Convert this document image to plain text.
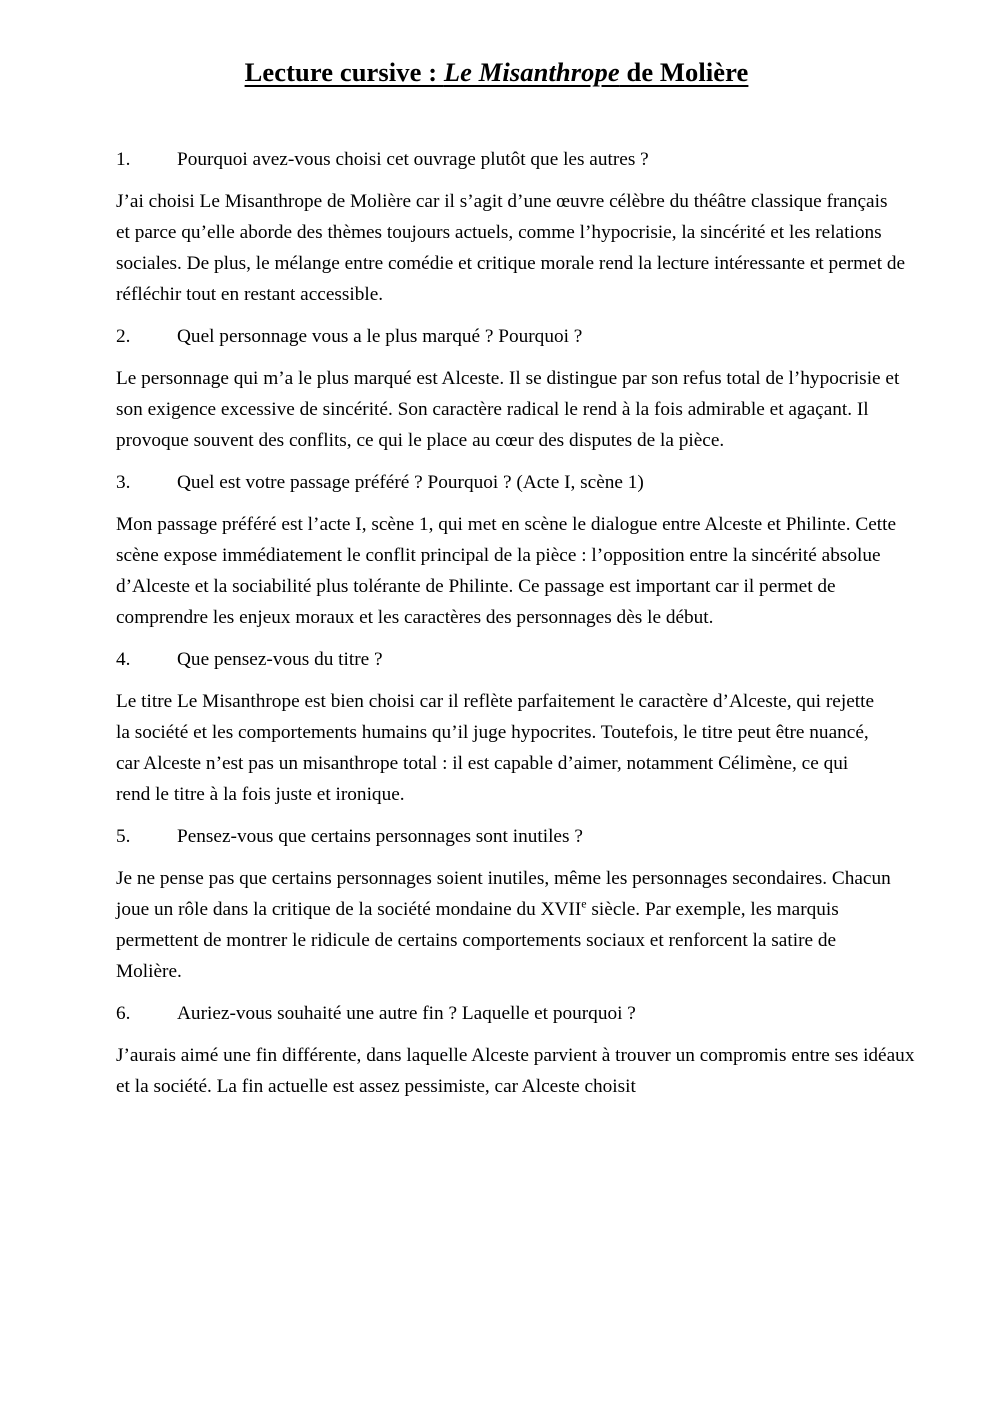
Lecture cursive : Le Misanthrope de Molière

1.	Pourquoi avez-vous choisi cet ouvrage plutôt que les autres ?

J’ai choisi Le Misanthrope de Molière car il s’agit d’une œuvre célèbre du théâtre classique français et parce qu’elle aborde des thèmes toujours actuels, comme l’hypocrisie, la sincérité et les relations sociales. De plus, le mélange entre comédie et critique morale rend la lecture intéressante et permet de réfléchir tout en restant accessible.

2.	Quel personnage vous a le plus marqué ? Pourquoi ?

Le personnage qui m’a le plus marqué est Alceste. Il se distingue par son refus total de l’hypocrisie et son exigence excessive de sincérité. Son caractère radical le rend à la fois admirable et agaçant. Il provoque souvent des conflits, ce qui le place au cœur des disputes de la pièce.

3.	Quel est votre passage préféré ? Pourquoi ? (Acte I, scène 1)

Mon passage préféré est l’acte I, scène 1, qui met en scène le dialogue entre Alceste et Philinte. Cette scène expose immédiatement le conflit principal de la pièce : l’opposition entre la sincérité absolue d’Alceste et la sociabilité plus tolérante de Philinte. Ce passage est important car il permet de comprendre les enjeux moraux et les caractères des personnages dès le début.

4.	Que pensez-vous du titre ?

Le titre Le Misanthrope est bien choisi car il reflète parfaitement le caractère d’Alceste, qui rejette la société et les comportements humains qu’il juge hypocrites. Toutefois, le titre peut être nuancé, car Alceste n’est pas un misanthrope total : il est capable d’aimer, notamment Célimène, ce qui rend le titre à la fois juste et ironique.

5.	Pensez-vous que certains personnages sont inutiles ?

Je ne pense pas que certains personnages soient inutiles, même les personnages secondaires. Chacun joue un rôle dans la critique de la société mondaine du XVIIe siècle. Par exemple, les marquis permettent de montrer le ridicule de certains comportements sociaux et renforcent la satire de Molière.

6.	Auriez-vous souhaité une autre fin ? Laquelle et pourquoi ?

J’aurais aimé une fin différente, dans laquelle Alceste parvient à trouver un compromis entre ses idéaux et la société. La fin actuelle est assez pessimiste, car Alceste choisit
